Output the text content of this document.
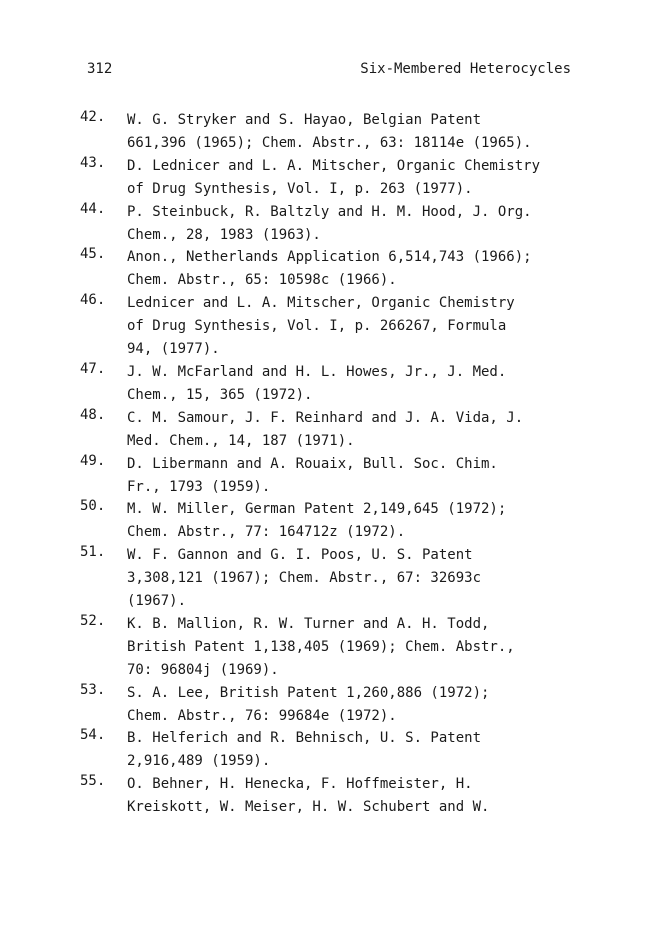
312	Six-Membered Heterocycles
42.	W. G. Stryker and S. Hayao, Belgian Patent
661,396 (1965); Chem. Abstr., 63: 18114e (1965).

43.	D. Lednicer and L. A. Mitscher, Organic Chemistry
of Drug Synthesis, Vol. I, p. 263 (1977).

44.	P. Steinbuck, R. Baltzly and H. M. Hood, J. Org.
Chem., 28, 1983 (1963).

45.	Anon., Netherlands Application 6,514,743 (1966);
Chem. Abstr., 65: 10598c (1966).

46.	Lednicer and L. A. Mitscher, Organic Chemistry
of Drug Synthesis, Vol. I, p. 266267, Formula
94, (1977).

47.	J. W. McFarland and H. L. Howes, Jr., J. Med.
Chem., 15, 365 (1972).

48.	C. M. Samour, J. F. Reinhard and J. A. Vida, J.
Med. Chem., 14, 187 (1971).

49.	D. Libermann and A. Rouaix, Bull. Soc. Chim.
Fr., 1793 (1959).

50.	M. W. Miller, German Patent 2,149,645 (1972);
Chem. Abstr., 77: 164712z (1972).

51.	W. F. Gannon and G. I. Poos, U. S. Patent
3,308,121 (1967); Chem. Abstr., 67: 32693c
(1967).

52.	K. B. Mallion, R. W. Turner and A. H. Todd,
British Patent 1,138,405 (1969); Chem. Abstr.,
70: 96804j (1969).

53.	S. A. Lee, British Patent 1,260,886 (1972);
Chem. Abstr., 76: 99684e (1972).

54.	B. Helferich and R. Behnisch, U. S. Patent
2,916,489 (1959).

55.	O. Behner, H. Henecka, F. Hoffmeister, H.
Kreiskott, W. Meiser, H. W. Schubert and W.
